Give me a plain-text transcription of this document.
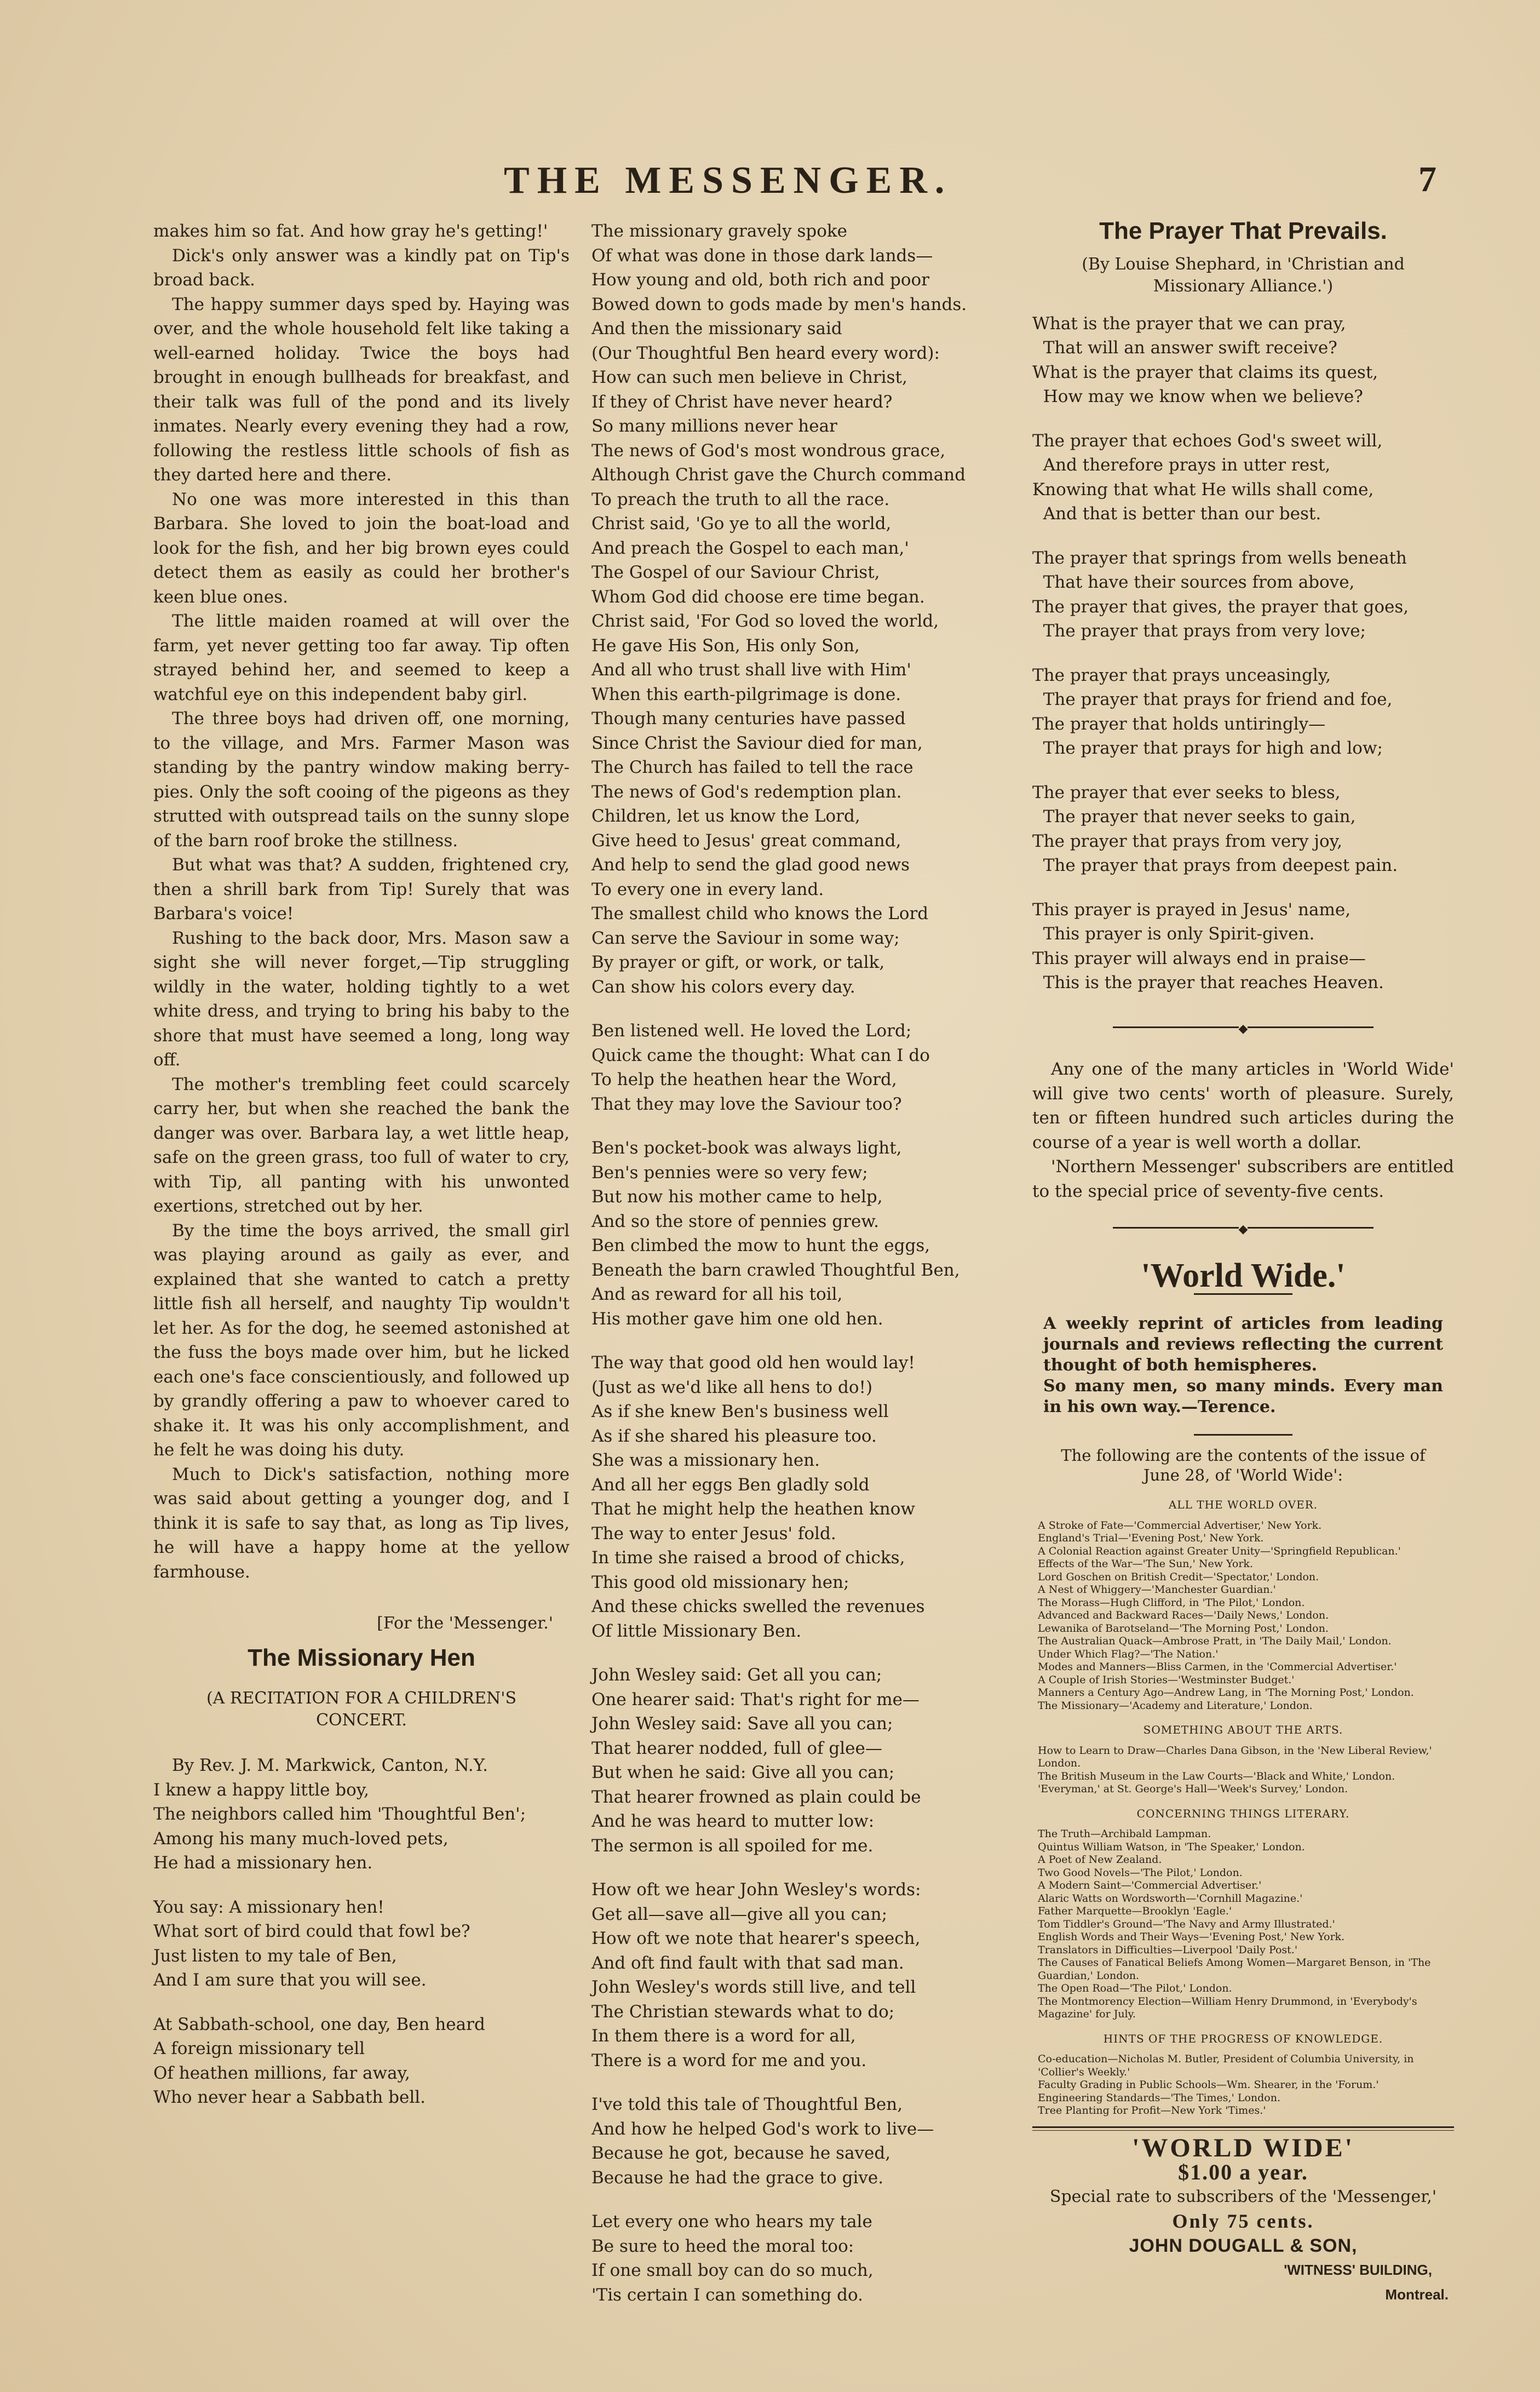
THE MESSENGER.	7

makes him so fat. And how gray he's getting!'

Dick's only answer was a kindly pat on Tip's broad back.

The happy summer days sped by. Haying was over, and the whole household felt like taking a well-earned holiday. Twice the boys had brought in enough bullheads for breakfast, and their talk was full of the pond and its lively inmates. Nearly every evening they had a row, following the restless little schools of fish as they darted here and there.

No one was more interested in this than Barbara. She loved to join the boat-load and look for the fish, and her big brown eyes could detect them as easily as could her brother's keen blue ones.

The little maiden roamed at will over the farm, yet never getting too far away. Tip often strayed behind her, and seemed to keep a watchful eye on this independent baby girl.

The three boys had driven off, one morning, to the village, and Mrs. Farmer Mason was standing by the pantry window making berry-pies. Only the soft cooing of the pigeons as they strutted with outspread tails on the sunny slope of the barn roof broke the stillness.

But what was that? A sudden, frightened cry, then a shrill bark from Tip! Surely that was Barbara's voice!

Rushing to the back door, Mrs. Mason saw a sight she will never forget,—Tip struggling wildly in the water, holding tightly to a wet white dress, and trying to bring his baby to the shore that must have seemed a long, long way off.

The mother's trembling feet could scarcely carry her, but when she reached the bank the danger was over. Barbara lay, a wet little heap, safe on the green grass, too full of water to cry, with Tip, all panting with his unwonted exertions, stretched out by her.

By the time the boys arrived, the small girl was playing around as gaily as ever, and explained that she wanted to catch a pretty little fish all herself, and naughty Tip wouldn't let her. As for the dog, he seemed astonished at the fuss the boys made over him, but he licked each one's face conscientiously, and followed up by grandly offering a paw to whoever cared to shake it. It was his only accomplishment, and he felt he was doing his duty.

Much to Dick's satisfaction, nothing more was said about getting a younger dog, and I think it is safe to say that, as long as Tip lives, he will have a happy home at the yellow farmhouse.

[For the 'Messenger.'
The Missionary Hen
(A RECITATION FOR A CHILDREN'S CONCERT.

By Rev. J. M. Markwick, Canton, N.Y.

I knew a happy little boy,
The neighbors called him 'Thoughtful Ben';
Among his many much-loved pets,
He had a missionary hen.
You say: A missionary hen!
What sort of bird could that fowl be?
Just listen to my tale of Ben,
And I am sure that you will see.
At Sabbath-school, one day, Ben heard
A foreign missionary tell
Of heathen millions, far away,
Who never hear a Sabbath bell.
The missionary gravely spoke
Of what was done in those dark lands—
How young and old, both rich and poor
Bowed down to gods made by men's hands.
And then the missionary said
(Our Thoughtful Ben heard every word):
How can such men believe in Christ,
If they of Christ have never heard?
So many millions never hear
The news of God's most wondrous grace,
Although Christ gave the Church command
To preach the truth to all the race.
Christ said, 'Go ye to all the world,
And preach the Gospel to each man,'
The Gospel of our Saviour Christ,
Whom God did choose ere time began.
Christ said, 'For God so loved the world,
He gave His Son, His only Son,
And all who trust shall live with Him'
When this earth-pilgrimage is done.
Though many centuries have passed
Since Christ the Saviour died for man,
The Church has failed to tell the race
The news of God's redemption plan.
Children, let us know the Lord,
Give heed to Jesus' great command,
And help to send the glad good news
To every one in every land.
The smallest child who knows the Lord
Can serve the Saviour in some way;
By prayer or gift, or work, or talk,
Can show his colors every day.
Ben listened well. He loved the Lord;
Quick came the thought: What can I do
To help the heathen hear the Word,
That they may love the Saviour too?
Ben's pocket-book was always light,
Ben's pennies were so very few;
But now his mother came to help,
And so the store of pennies grew.
Ben climbed the mow to hunt the eggs,
Beneath the barn crawled Thoughtful Ben,
And as reward for all his toil,
His mother gave him one old hen.
The way that good old hen would lay!
(Just as we'd like all hens to do!)
As if she knew Ben's business well
As if she shared his pleasure too.
She was a missionary hen.
And all her eggs Ben gladly sold
That he might help the heathen know
The way to enter Jesus' fold.
In time she raised a brood of chicks,
This good old missionary hen;
And these chicks swelled the revenues
Of little Missionary Ben.
John Wesley said: Get all you can;
One hearer said: That's right for me—
John Wesley said: Save all you can;
That hearer nodded, full of glee—
But when he said: Give all you can;
That hearer frowned as plain could be
And he was heard to mutter low:
The sermon is all spoiled for me.
How oft we hear John Wesley's words:
Get all—save all—give all you can;
How oft we note that hearer's speech,
And oft find fault with that sad man.
John Wesley's words still live, and tell
The Christian stewards what to do;
In them there is a word for all,
There is a word for me and you.
I've told this tale of Thoughtful Ben,
And how he helped God's work to live—
Because he got, because he saved,
Because he had the grace to give.
Let every one who hears my tale
Be sure to heed the moral too:
If one small boy can do so much,
'Tis certain I can something do.
The Prayer That Prevails.
(By Louise Shephard, in 'Christian and Missionary Alliance.')
What is the prayer that we can pray,
That will an answer swift receive?
What is the prayer that claims its quest,
How may we know when we believe?
The prayer that echoes God's sweet will,
And therefore prays in utter rest,
Knowing that what He wills shall come,
And that is better than our best.
The prayer that springs from wells beneath
That have their sources from above,
The prayer that gives, the prayer that goes,
The prayer that prays from very love;
The prayer that prays unceasingly,
The prayer that prays for friend and foe,
The prayer that holds untiringly—
The prayer that prays for high and low;
The prayer that ever seeks to bless,
The prayer that never seeks to gain,
The prayer that prays from very joy,
The prayer that prays from deepest pain.
This prayer is prayed in Jesus' name,
This prayer is only Spirit-given.
This prayer will always end in praise—
This is the prayer that reaches Heaven.
◆

Any one of the many articles in 'World Wide' will give two cents' worth of pleasure. Surely, ten or fifteen hundred such articles during the course of a year is well worth a dollar.

'Northern Messenger' subscribers are entitled to the special price of seventy-five cents.

◆
'World Wide.'
A weekly reprint of articles from leading journals and reviews reflecting the current thought of both hemispheres.
So many men, so many minds. Every man in his own way.—Terence.
The following are the contents of the issue of June 28, of 'World Wide':
ALL THE WORLD OVER.
A Stroke of Fate—'Commercial Advertiser,' New York.
England's Trial—'Evening Post,' New York.
A Colonial Reaction against Greater Unity—'Springfield Republican.'
Effects of the War—'The Sun,' New York.
Lord Goschen on British Credit—'Spectator,' London.
A Nest of Whiggery—'Manchester Guardian.'
The Morass—Hugh Clifford, in 'The Pilot,' London.
Advanced and Backward Races—'Daily News,' London.
Lewanika of Barotseland—'The Morning Post,' London.
The Australian Quack—Ambrose Pratt, in 'The Daily Mail,' London.
Under Which Flag?—'The Nation.'
Modes and Manners—Bliss Carmen, in the 'Commercial Advertiser.'
A Couple of Irish Stories—'Westminster Budget.'
Manners a Century Ago—Andrew Lang, in 'The Morning Post,' London.
The Missionary—'Academy and Literature,' London.
SOMETHING ABOUT THE ARTS.
How to Learn to Draw—Charles Dana Gibson, in the 'New Liberal Review,' London.
The British Museum in the Law Courts—'Black and White,' London.
'Everyman,' at St. George's Hall—'Week's Survey,' London.
CONCERNING THINGS LITERARY.
The Truth—Archibald Lampman.
Quintus William Watson, in 'The Speaker,' London.
A Poet of New Zealand.
Two Good Novels—'The Pilot,' London.
A Modern Saint—'Commercial Advertiser.'
Alaric Watts on Wordsworth—'Cornhill Magazine.'
Father Marquette—Brooklyn 'Eagle.'
Tom Tiddler's Ground—'The Navy and Army Illustrated.'
English Words and Their Ways—'Evening Post,' New York.
Translators in Difficulties—Liverpool 'Daily Post.'
The Causes of Fanatical Beliefs Among Women—Margaret Benson, in 'The Guardian,' London.
The Open Road—'The Pilot,' London.
The Montmorency Election—William Henry Drummond, in 'Everybody's Magazine' for July.
HINTS OF THE PROGRESS OF KNOWLEDGE.
Co-education—Nicholas M. Butler, President of Columbia University, in 'Collier's Weekly.'
Faculty Grading in Public Schools—Wm. Shearer, in the 'Forum.'
Engineering Standards—'The Times,' London.
Tree Planting for Profit—New York 'Times.'
'WORLD WIDE'
$1.00 a year.
Special rate to subscribers of the 'Messenger,'
Only 75 cents.
JOHN DOUGALL & SON,
'WITNESS' BUILDING,
Montreal.
